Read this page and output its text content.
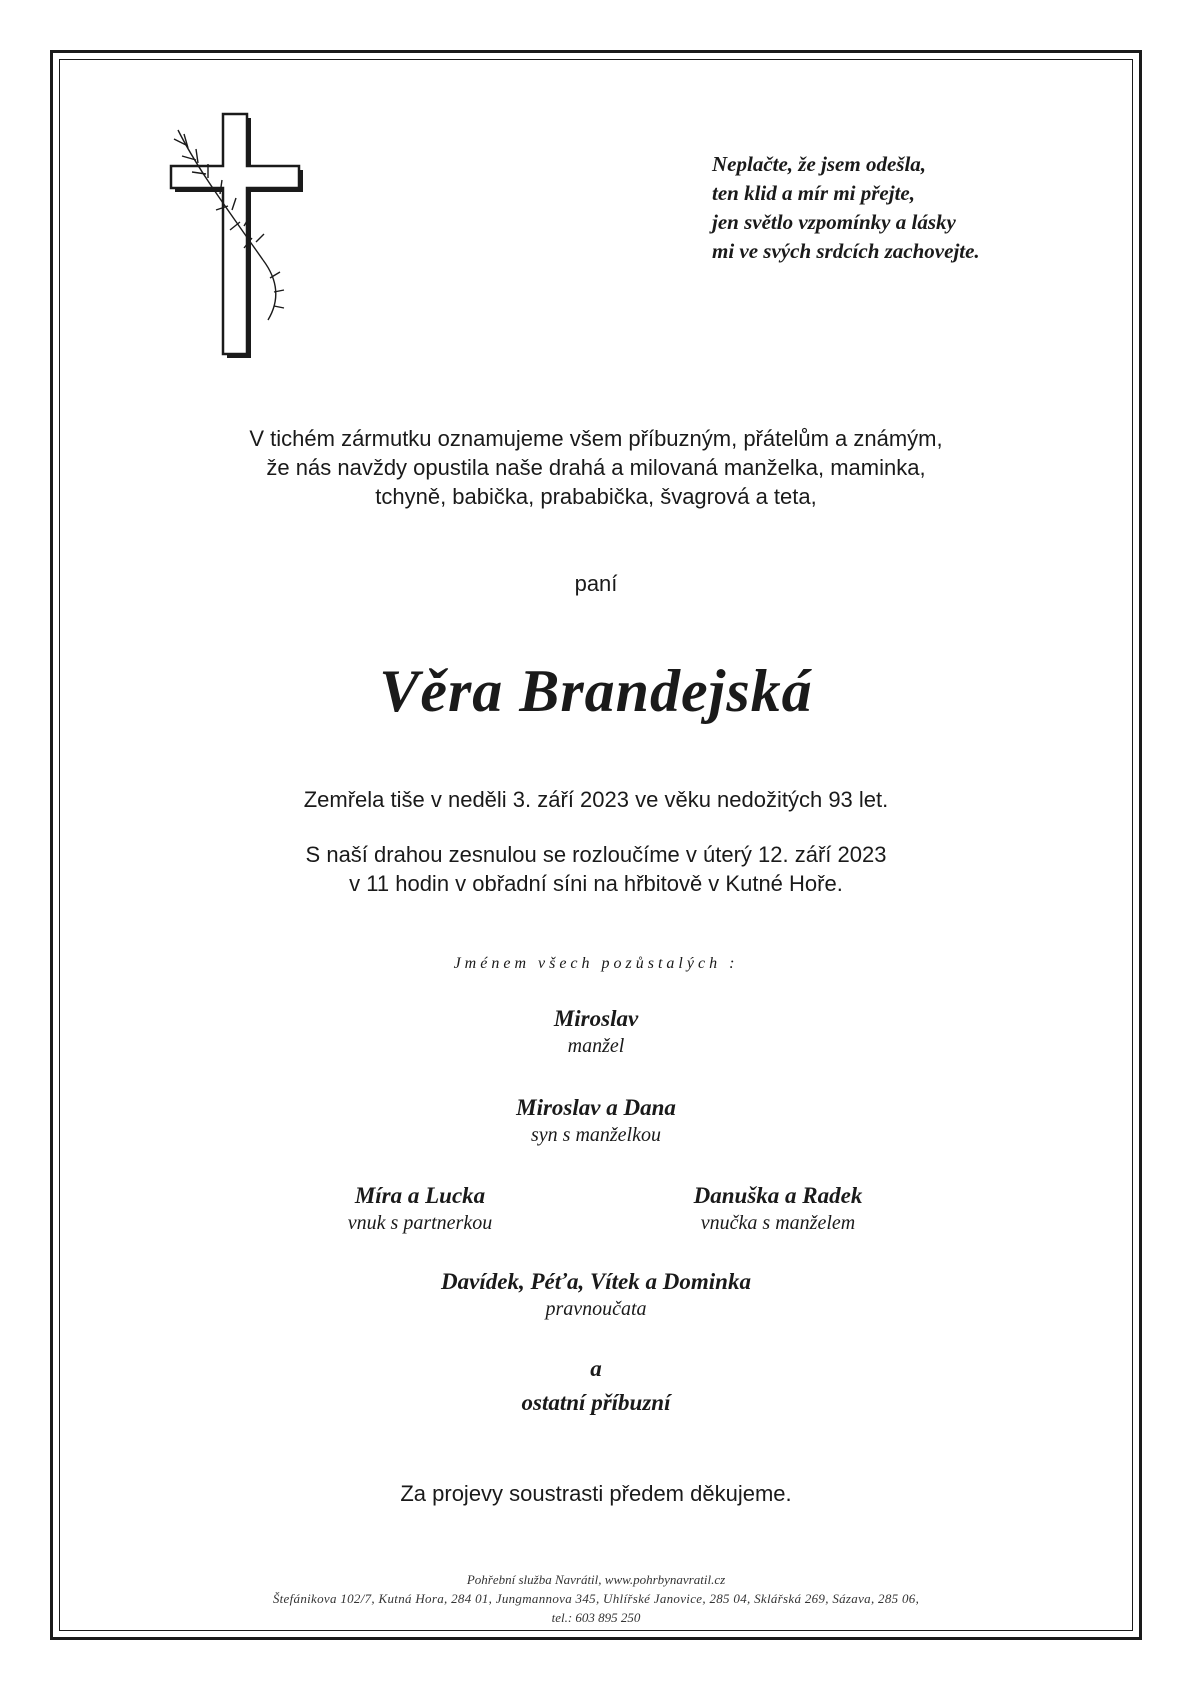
Neplačte, že jsem odešla,
ten klid a mír mi přejte,
jen světlo vzpomínky a lásky
mi ve svých srdcích zachovejte.
V tichém zármutku oznamujeme všem příbuzným, přátelům a známým,
že nás navždy opustila naše drahá a milovaná manželka, maminka,
tchyně, babička, prababička, švagrová a teta,
paní
Věra Brandejská
Zemřela tiše v neděli 3. září 2023 ve věku nedožitých 93 let.
S naší drahou zesnulou se rozloučíme v úterý 12. září 2023
v 11 hodin v obřadní síni na hřbitově v Kutné Hoře.
Jménem všech pozůstalých :
Miroslav
manžel
Miroslav a Dana
syn s manželkou
Míra a Lucka
vnuk s partnerkou
Danuška a Radek
vnučka s manželem
Davídek, Péťa, Vítek a Dominka
pravnoučata
a
ostatní příbuzní
Za projevy soustrasti předem děkujeme.
Pohřební služba Navrátil, www.pohrbynavratil.cz
Štefánikova 102/7, Kutná Hora, 284 01, Jungmannova 345, Uhlířské Janovice, 285 04, Sklářská 269, Sázava, 285 06,
tel.: 603 895 250
